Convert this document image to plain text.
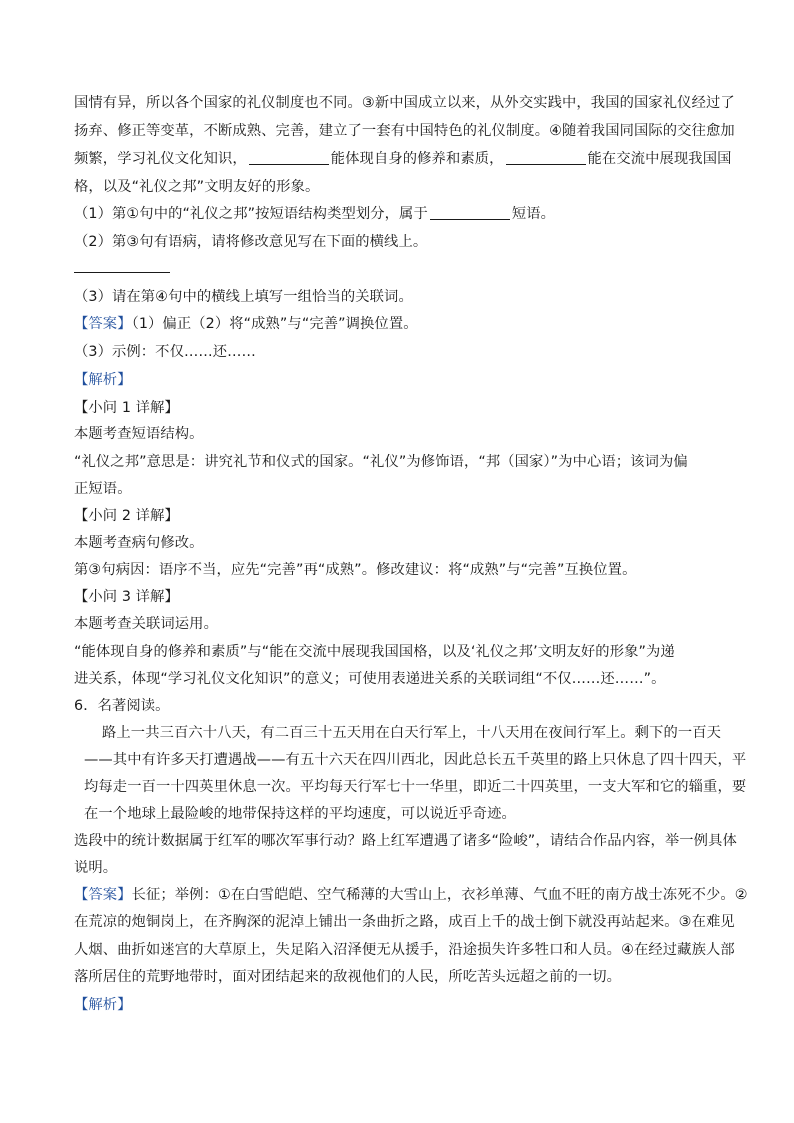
国情有异，所以各个国家的礼仪制度也不同。③新中国成立以来，从外交实践中，我国的国家礼仪经过了
扬弃、修正等变革，不断成熟、完善，建立了一套有中国特色的礼仪制度。④随着我国同国际的交往愈加
频繁，学习礼仪文化知识，	能体现自身的修养和素质，	能在交流中展现我国国
格，以及“礼仪之邦”文明友好的形象。
（1）第①句中的“礼仪之邦”按短语结构类型划分，属于	短语。
（2）第③句有语病，请将修改意见写在下面的横线上。
（3）请在第④句中的横线上填写一组恰当的关联词。
【答案】（1）偏正（2）将“成熟”与“完善”调换位置。
（3）示例：不仅……还……
【解析】
【小问 1 详解】
本题考查短语结构。
“礼仪之邦”意思是：讲究礼节和仪式的国家。“礼仪”为修饰语，“邦（国家）”为中心语；该词为偏
正短语。
【小问 2 详解】
本题考查病句修改。
第③句病因：语序不当，应先“完善”再“成熟”。修改建议：将“成熟”与“完善”互换位置。
【小问 3 详解】
本题考查关联词运用。
“能体现自身的修养和素质”与“能在交流中展现我国国格，以及‘礼仪之邦’文明友好的形象”为递
进关系，体现“学习礼仪文化知识”的意义；可使用表递进关系的关联词组“不仅……还……”。
6．名著阅读。
路上一共三百六十八天，有二百三十五天用在白天行军上，十八天用在夜间行军上。剩下的一百天
——其中有许多天打遭遇战——有五十六天在四川西北，因此总长五千英里的路上只休息了四十四天，平
均每走一百一十四英里休息一次。平均每天行军七十一华里，即近二十四英里，一支大军和它的辎重，要
在一个地球上最险峻的地带保持这样的平均速度，可以说近乎奇迹。
选段中的统计数据属于红军的哪次军事行动？路上红军遭遇了诸多“险峻”，请结合作品内容，举一例具体
说明。
【答案】长征；举例：①在白雪皑皑、空气稀薄的大雪山上，衣衫单薄、气血不旺的南方战士冻死不少。②
在荒凉的炮铜岗上，在齐胸深的泥淖上铺出一条曲折之路，成百上千的战士倒下就没再站起来。③在难见
人烟、曲折如迷宫的大草原上，失足陷入沼泽便无从援手，沿途损失许多牲口和人员。④在经过藏族人部
落所居住的荒野地带时，面对团结起来的敌视他们的人民，所吃苦头远超之前的一切。
【解析】
